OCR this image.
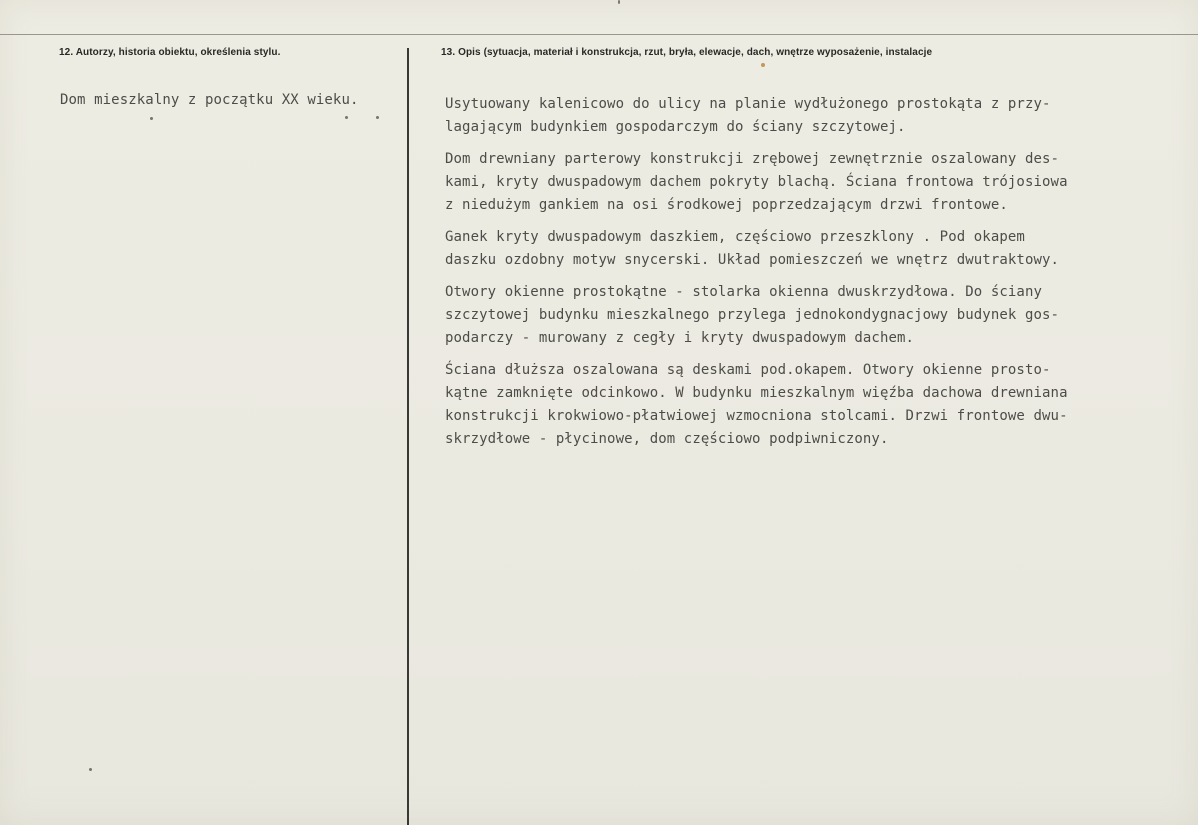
12. Autorzy, historia obiektu, określenia stylu.	13. Opis (sytuacja, materiał i konstrukcja, rzut, bryła, elewacje, dach, wnętrze wyposażenie, instalacje
Dom mieszkalny z początku XX wieku.	Usytuowany kalenicowo do ulicy na planie wydłużonego prostokąta z przy-
lagającym budynkiem gospodarczym do ściany szczytowej.

Dom drewniany parterowy konstrukcji zrębowej zewnętrznie oszalowany des-
kami, kryty dwuspadowym dachem pokryty blachą. Ściana frontowa trójosiowa
z niedużym gankiem na osi środkowej poprzedzającym drzwi frontowe.

Ganek kryty dwuspadowym daszkiem, częściowo przeszklony . Pod okapem
daszku ozdobny motyw snycerski. Układ pomieszczeń we wnętrz dwutraktowy.

Otwory okienne prostokątne - stolarka okienna dwuskrzydłowa. Do ściany
szczytowej budynku mieszkalnego przylega jednokondygnacjowy budynek gos-
podarczy - murowany z cegły i kryty dwuspadowym dachem.

Ściana dłuższa oszalowana są deskami pod.okapem. Otwory okienne prosto-
kątne zamknięte odcinkowo. W budynku mieszkalnym więźba dachowa drewniana
konstrukcji krokwiowo-płatwiowej wzmocniona stolcami. Drzwi frontowe dwu-
skrzydłowe - płycinowe, dom częściowo podpiwniczony.
